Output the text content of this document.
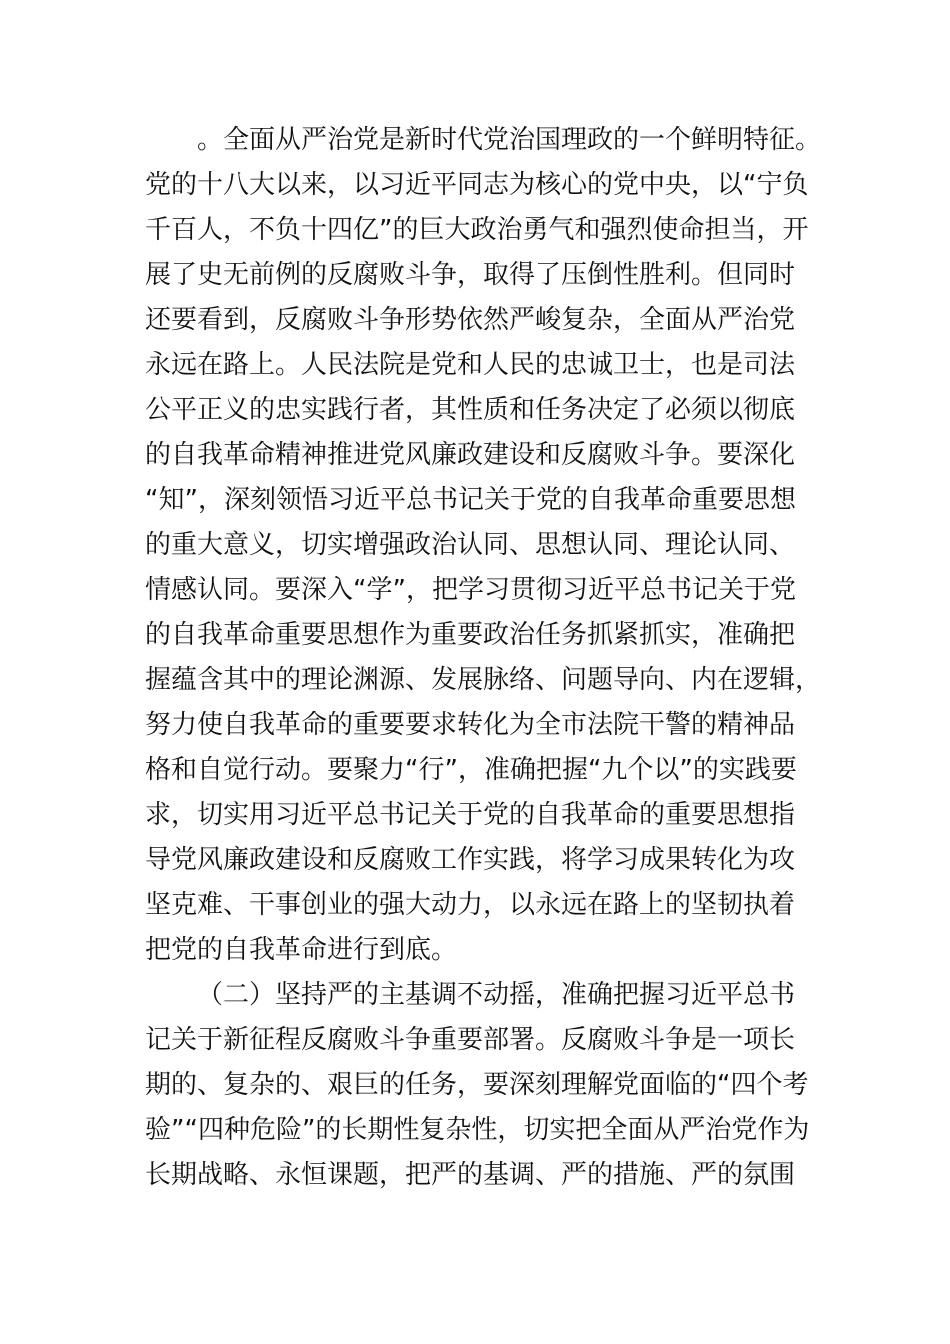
。全面从严治党是新时代党治国理政的一个鲜明特征。
党的十八大以来，以习近平同志为核心的党中央，以“宁负
千百人，不负十四亿”的巨大政治勇气和强烈使命担当，开
展了史无前例的反腐败斗争，取得了压倒性胜利。但同时
还要看到，反腐败斗争形势依然严峻复杂，全面从严治党
永远在路上。人民法院是党和人民的忠诚卫士，也是司法
公平正义的忠实践行者，其性质和任务决定了必须以彻底
的自我革命精神推进党风廉政建设和反腐败斗争。要深化
“知”，深刻领悟习近平总书记关于党的自我革命重要思想
的重大意义，切实增强政治认同、思想认同、理论认同、
情感认同。要深入“学”，把学习贯彻习近平总书记关于党
的自我革命重要思想作为重要政治任务抓紧抓实，准确把
握蕴含其中的理论渊源、发展脉络、问题导向、内在逻辑，
努力使自我革命的重要要求转化为全市法院干警的精神品
格和自觉行动。要聚力“行”，准确把握“九个以”的实践要
求，切实用习近平总书记关于党的自我革命的重要思想指
导党风廉政建设和反腐败工作实践，将学习成果转化为攻
坚克难、干事创业的强大动力，以永远在路上的坚韧执着
把党的自我革命进行到底。
（二）坚持严的主基调不动摇，准确把握习近平总书
记关于新征程反腐败斗争重要部署。反腐败斗争是一项长
期的、复杂的、艰巨的任务，要深刻理解党面临的“四个考
验”“四种危险”的长期性复杂性，切实把全面从严治党作为
长期战略、永恒课题，把严的基调、严的措施、严的氛围
